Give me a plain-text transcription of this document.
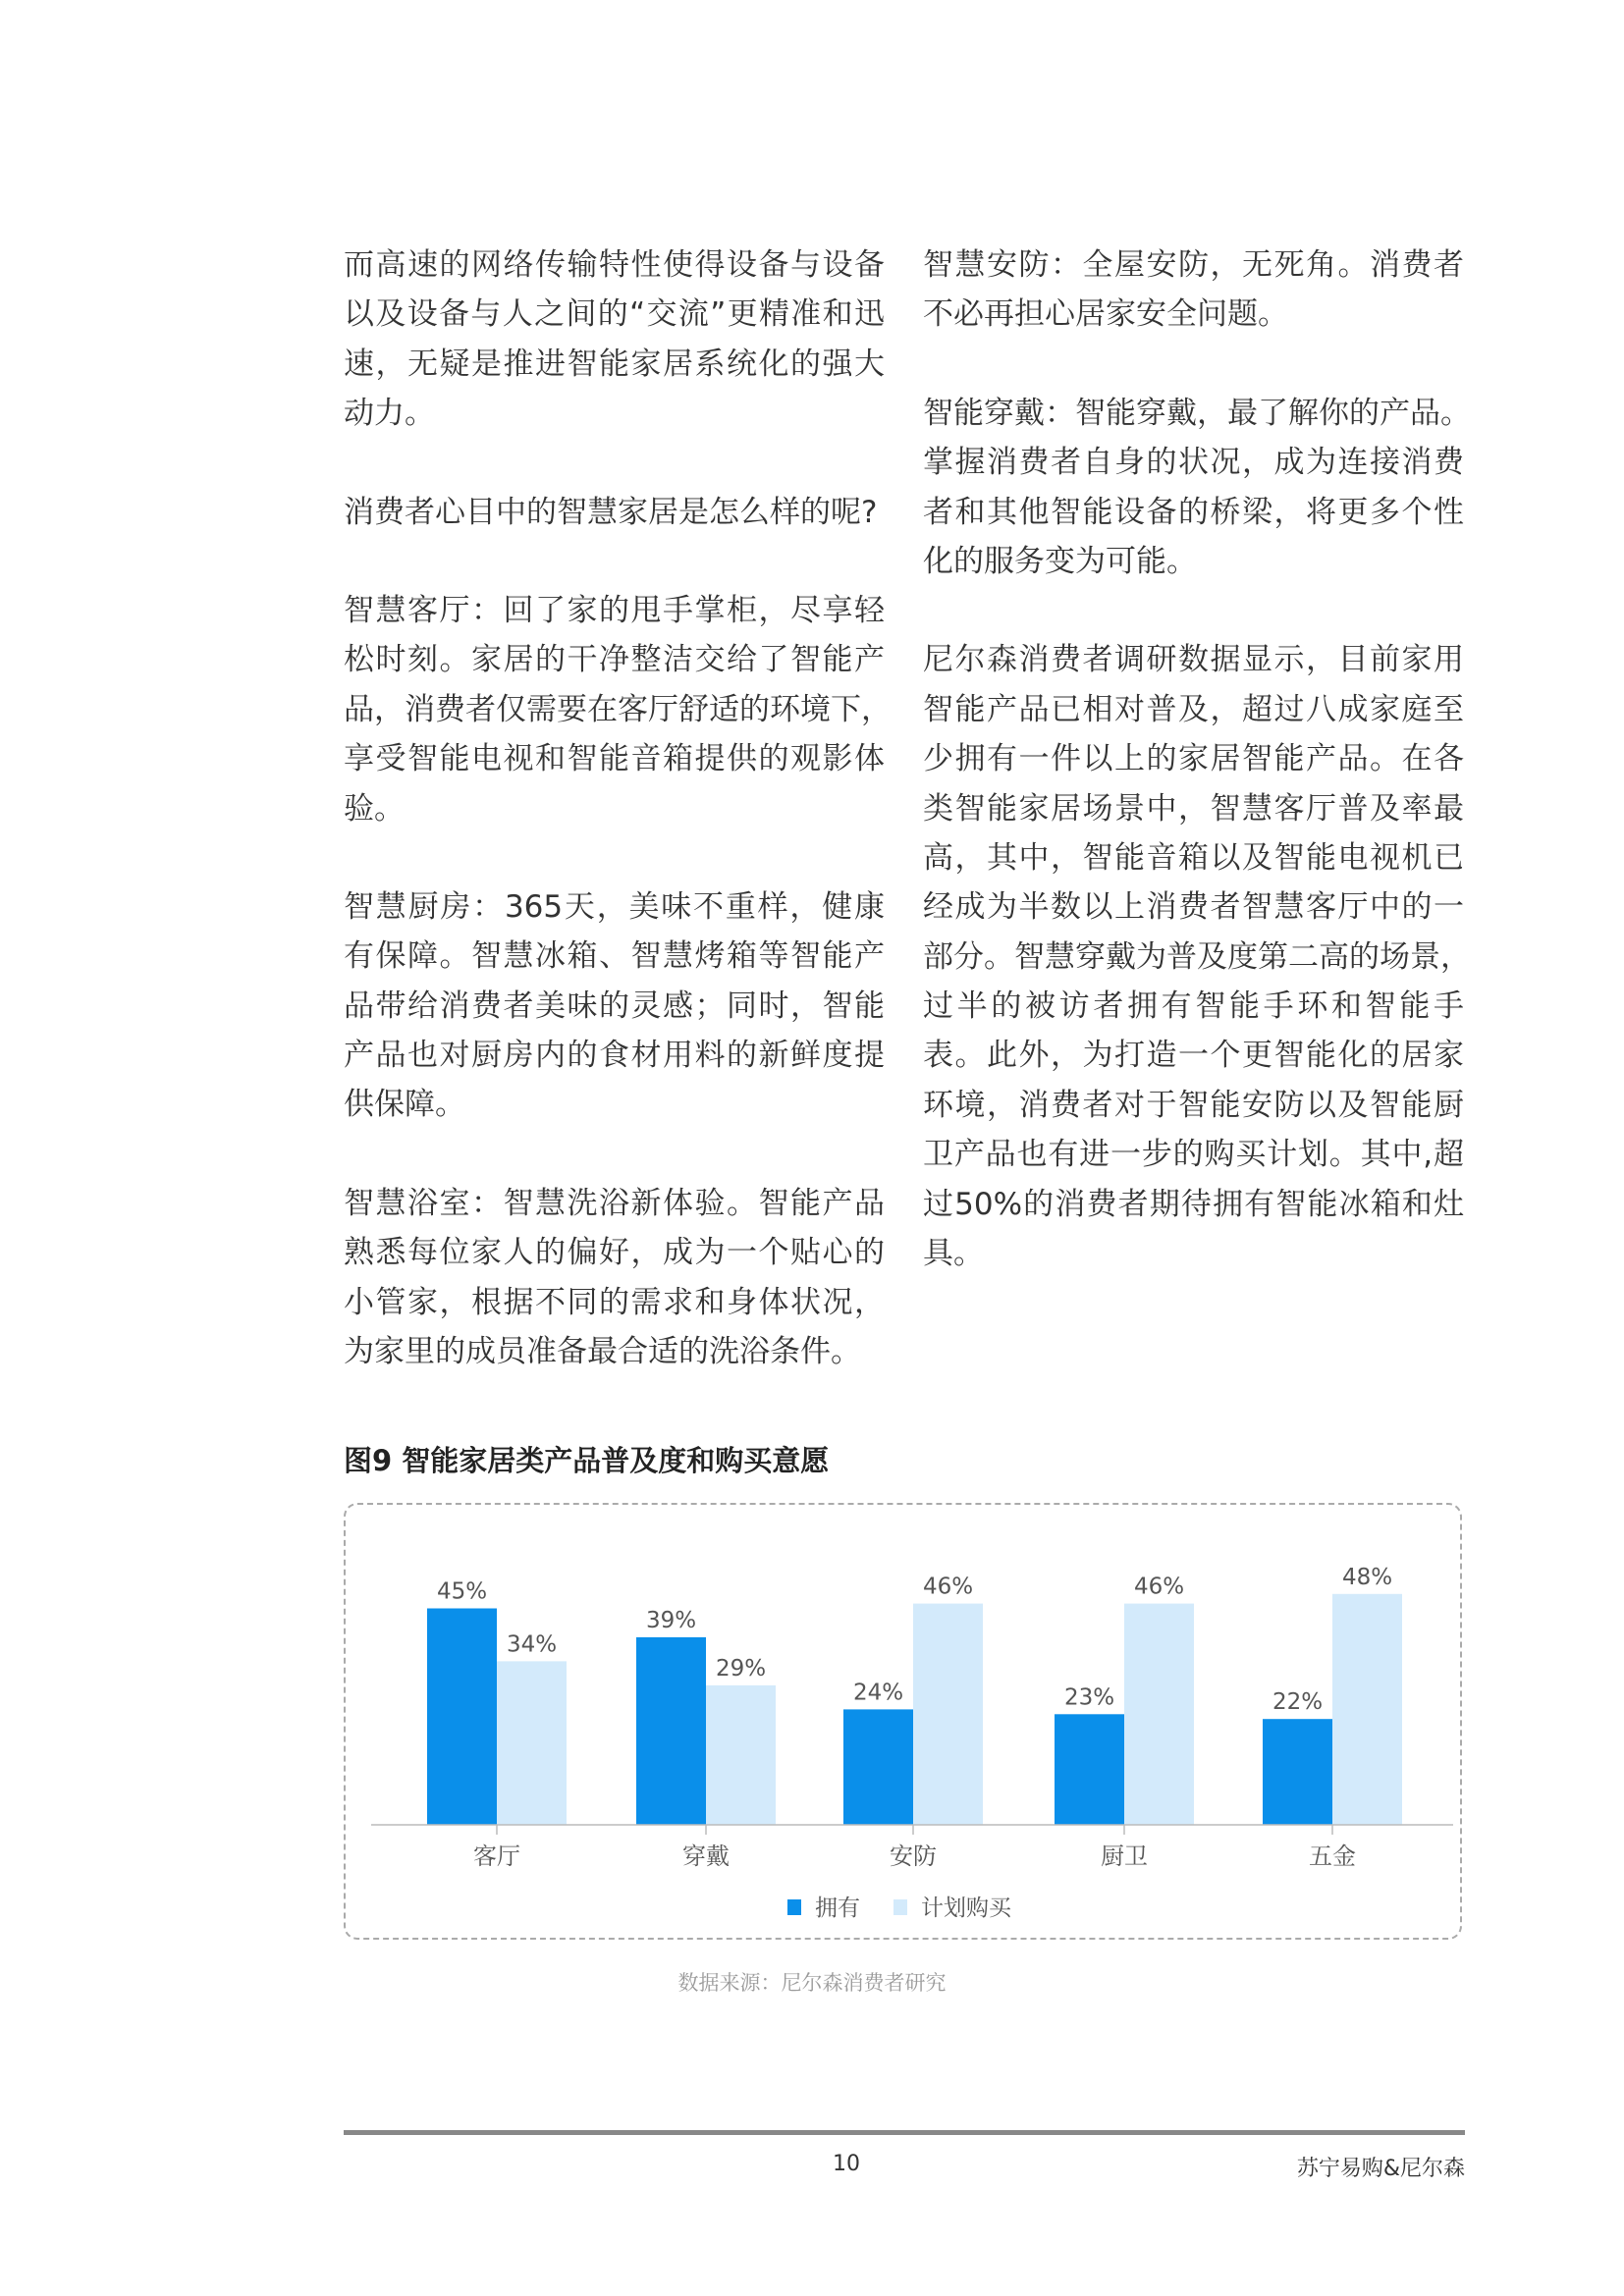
而高速的网络传输特性使得设备与设备
以及设备与人之间的“交流”更精准和迅
速，无疑是推进智能家居系统化的强大
动力。
消费者心目中的智慧家居是怎么样的呢?
智慧客厅：回了家的甩手掌柜，尽享轻
松时刻。家居的干净整洁交给了智能产
品，消费者仅需要在客厅舒适的环境下，
享受智能电视和智能音箱提供的观影体
验。
智慧厨房：365天，美味不重样，健康
有保障。智慧冰箱、智慧烤箱等智能产
品带给消费者美味的灵感；同时，智能
产品也对厨房内的食材用料的新鲜度提
供保障。
智慧浴室：智慧洗浴新体验。智能产品
熟悉每位家人的偏好，成为一个贴心的
小管家，根据不同的需求和身体状况，
为家里的成员准备最合适的洗浴条件。
智慧安防：全屋安防，无死角。消费者
不必再担心居家安全问题。
智能穿戴：智能穿戴，最了解你的产品。
掌握消费者自身的状况，成为连接消费
者和其他智能设备的桥梁，将更多个性
化的服务变为可能。
尼尔森消费者调研数据显示，目前家用
智能产品已相对普及，超过八成家庭至
少拥有一件以上的家居智能产品。在各
类智能家居场景中，智慧客厅普及率最
高，其中，智能音箱以及智能电视机已
经成为半数以上消费者智慧客厅中的一
部分。智慧穿戴为普及度第二高的场景，
过半的被访者拥有智能手环和智能手
表。此外，为打造一个更智能化的居家
环境，消费者对于智能安防以及智能厨
卫产品也有进一步的购买计划。其中,超
过50%的消费者期待拥有智能冰箱和灶
具。
图9 智能家居类产品普及度和购买意愿
45%
34%
客厅
39%
29%
穿戴
24%
46%
安防
23%
46%
厨卫
22%
48%
五金
拥有	计划购买
数据来源：尼尔森消费者研究
10	苏宁易购&尼尔森
